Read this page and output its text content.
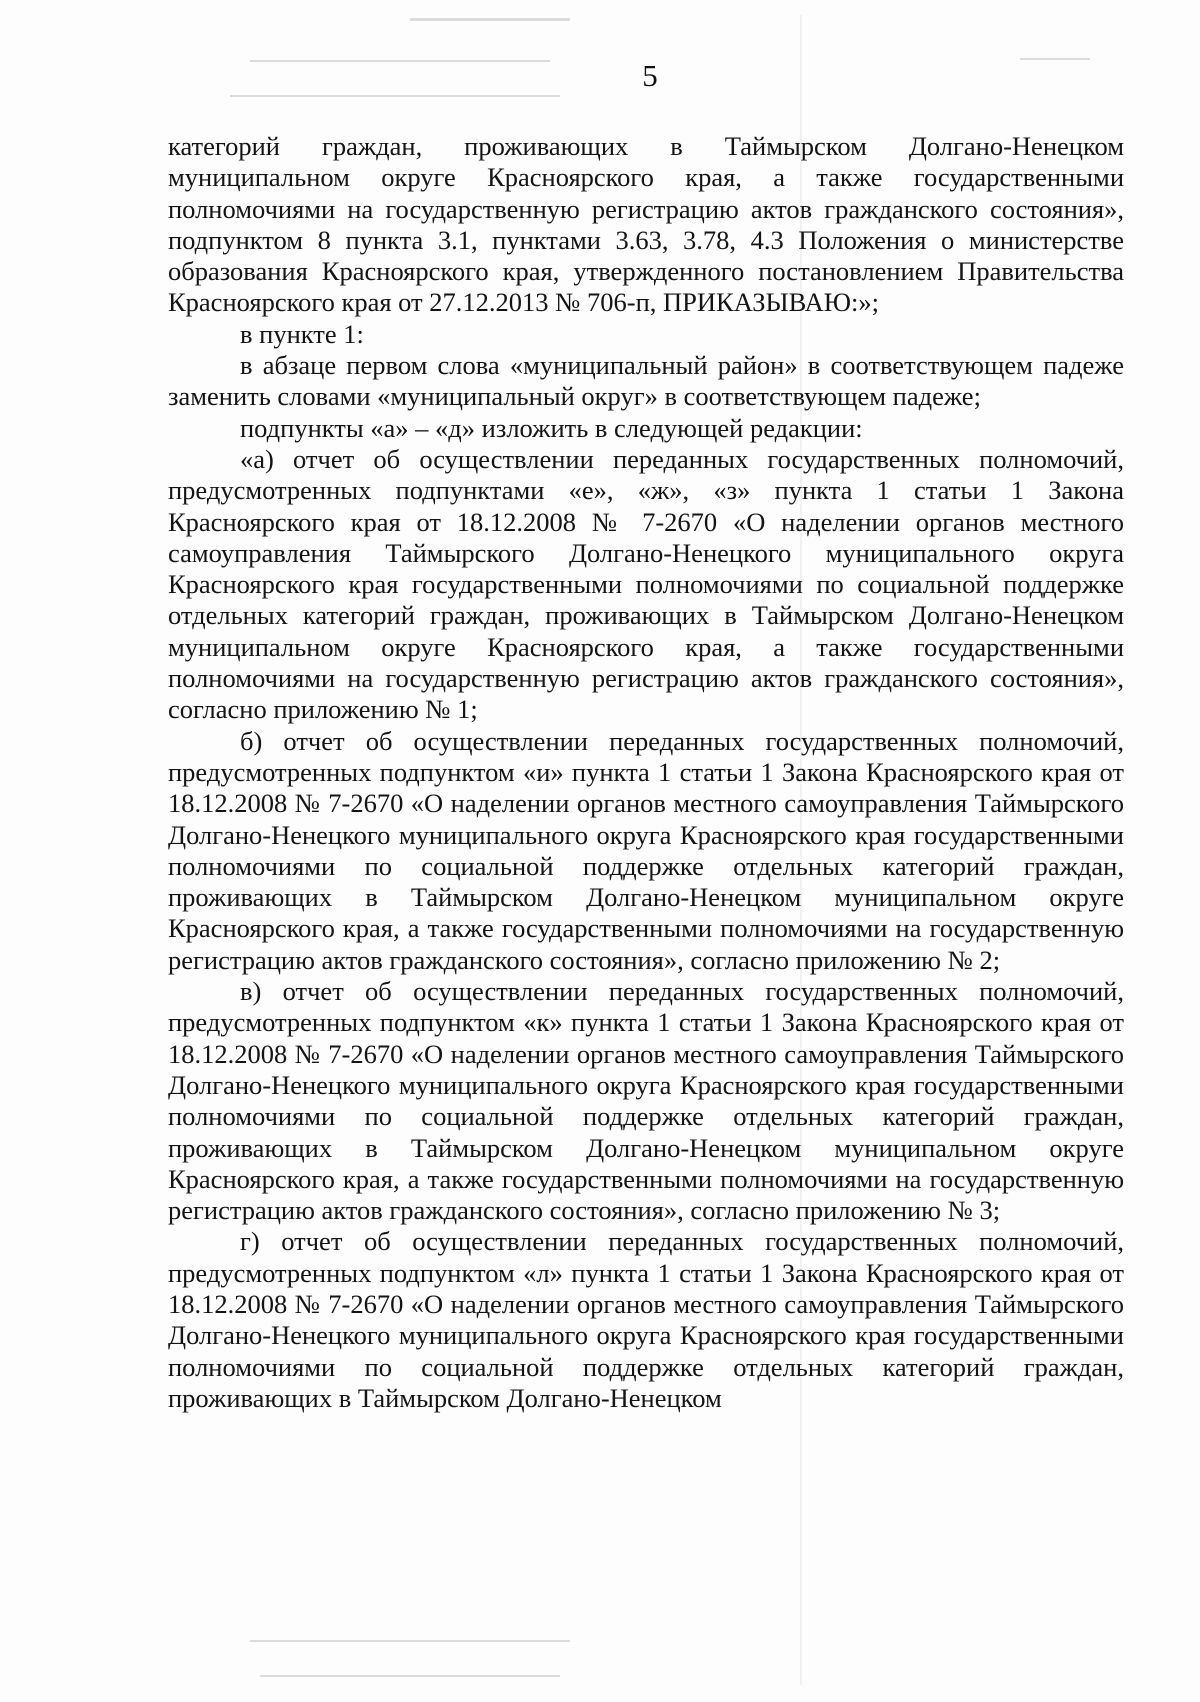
5

категорий граждан, проживающих в Таймырском Долгано-Ненецком муниципальном округе Красноярского края, а также государственными полномочиями на государственную регистрацию актов гражданского состояния», подпунктом 8 пункта 3.1, пунктами 3.63, 3.78, 4.3 Положения о министерстве образования Красноярского края, утвержденного постановлением Правительства Красноярского края от 27.12.2013 № 706-п, ПРИКАЗЫВАЮ:»;

в пункте 1:

в абзаце первом слова «муниципальный район» в соответствующем падеже заменить словами «муниципальный округ» в соответствующем падеже;

подпункты «а» – «д» изложить в следующей редакции:

«а) отчет об осуществлении переданных государственных полномочий, предусмотренных подпунктами «е», «ж», «з» пункта 1 статьи 1 Закона Красноярского края от 18.12.2008 № 7-2670 «О наделении органов местного самоуправления Таймырского Долгано-Ненецкого муниципального округа Красноярского края государственными полномочиями по социальной поддержке отдельных категорий граждан, проживающих в Таймырском Долгано-Ненецком муниципальном округе Красноярского края, а также государственными полномочиями на государственную регистрацию актов гражданского состояния», согласно приложению № 1;

б) отчет об осуществлении переданных государственных полномочий, предусмотренных подпунктом «и» пункта 1 статьи 1 Закона Красноярского края от 18.12.2008 № 7-2670 «О наделении органов местного самоуправления Таймырского Долгано-Ненецкого муниципального округа Красноярского края государственными полномочиями по социальной поддержке отдельных категорий граждан, проживающих в Таймырском Долгано-Ненецком муниципальном округе Красноярского края, а также государственными полномочиями на государственную регистрацию актов гражданского состояния», согласно приложению № 2;

в) отчет об осуществлении переданных государственных полномочий, предусмотренных подпунктом «к» пункта 1 статьи 1 Закона Красноярского края от 18.12.2008 № 7-2670 «О наделении органов местного самоуправления Таймырского Долгано-Ненецкого муниципального округа Красноярского края государственными полномочиями по социальной поддержке отдельных категорий граждан, проживающих в Таймырском Долгано-Ненецком муниципальном округе Красноярского края, а также государственными полномочиями на государственную регистрацию актов гражданского состояния», согласно приложению № 3;

г) отчет об осуществлении переданных государственных полномочий, предусмотренных подпунктом «л» пункта 1 статьи 1 Закона Красноярского края от 18.12.2008 № 7-2670 «О наделении органов местного самоуправления Таймырского Долгано-Ненецкого муниципального округа Красноярского края государственными полномочиями по социальной поддержке отдельных категорий граждан, проживающих в Таймырском Долгано-Ненецком
